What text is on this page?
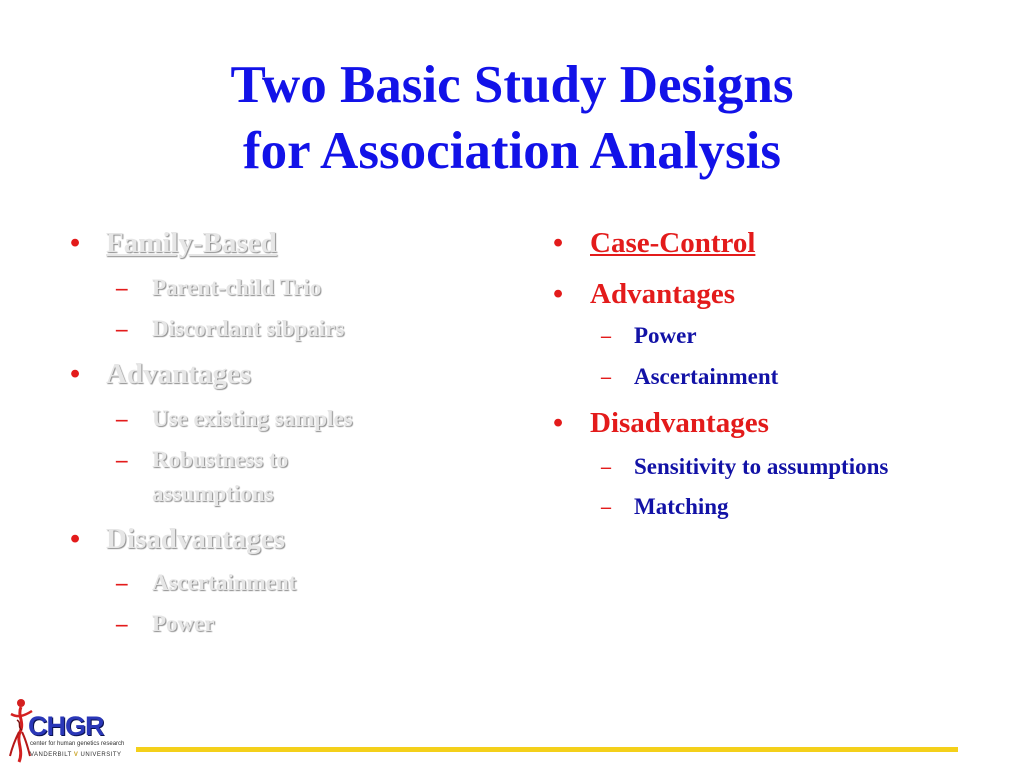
Two Basic Study Designs
for Association Analysis
• Family-Based
– Parent-child Trio
– Discordant sibpairs
• Advantages
– Use existing samples
– Robustness to
assumptions
• Disadvantages
– Ascertainment
– Power
• Case-Control
• Advantages
– Power
– Ascertainment
• Disadvantages
– Sensitivity to assumptions
– Matching
CHGR
center for human genetics research
VANDERBILT V UNIVERSITY
